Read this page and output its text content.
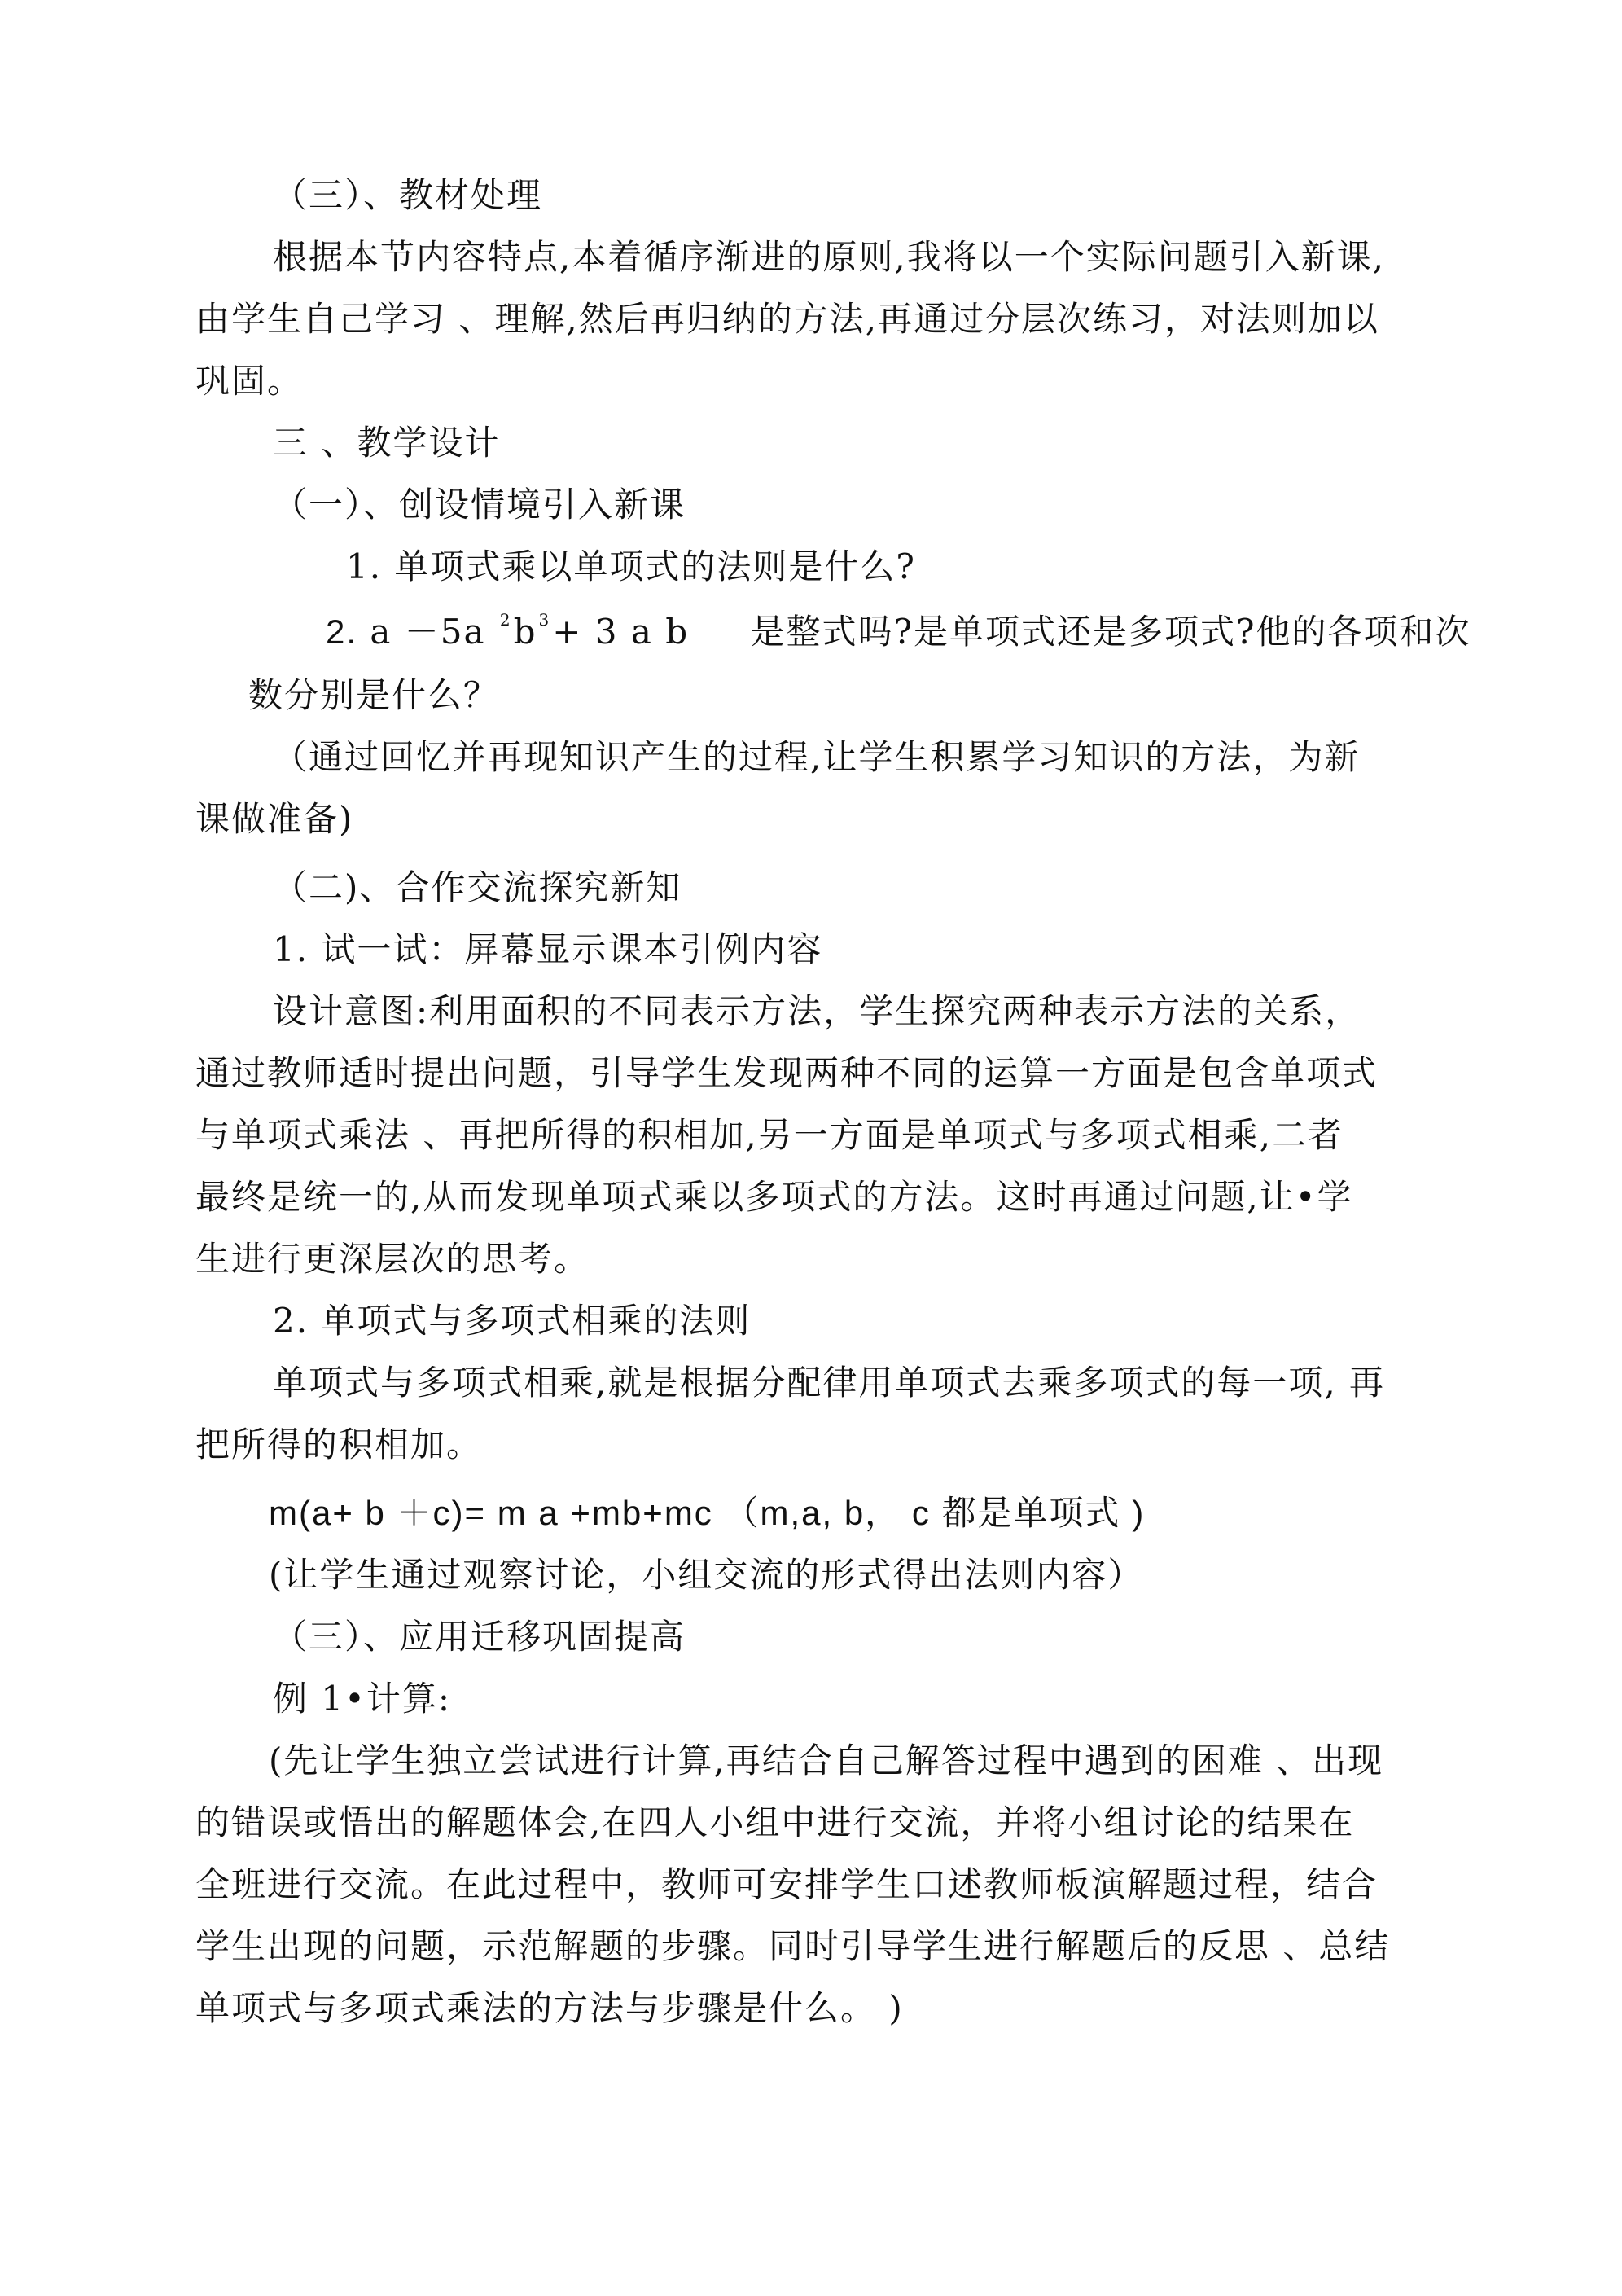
（三）、教材处理
根据本节内容特点,本着循序渐进的原则,我将以一个实际问题引入新课,
由学生自己学习 、理解,然后再归纳的方法,再通过分层次练习，对法则加以
巩固。
三 、教学设计
（一）、创设情境引入新课
1. 单项式乘以单项式的法则是什么?
2. a －5a $^2$b $^3$+ 3 a b 是整式吗?是单项式还是多项式?他的各项和次
数分别是什么？
（通过回忆并再现知识产生的过程,让学生积累学习知识的方法，为新
课做准备)
（二)、合作交流探究新知
1. 试一试：屏幕显示课本引例内容
设计意图:利用面积的不同表示方法，学生探究两种表示方法的关系，
通过教师适时提出问题，引导学生发现两种不同的运算一方面是包含单项式
与单项式乘法 、再把所得的积相加,另一方面是单项式与多项式相乘,二者
最终是统一的,从而发现单项式乘以多项式的方法。这时再通过问题,让•学
生进行更深层次的思考。
2. 单项式与多项式相乘的法则
单项式与多项式相乘,就是根据分配律用单项式去乘多项式的每一项, 再
把所得的积相加。
m(a+ b ＋c)= m a +mb+mc （m,a, b， c 都是单项式 )
(让学生通过观察讨论，小组交流的形式得出法则内容）
（三）、应用迁移巩固提高
例 1•计算:
(先让学生独立尝试进行计算,再结合自己解答过程中遇到的困难 、出现
的错误或悟出的解题体会,在四人小组中进行交流，并将小组讨论的结果在
全班进行交流。在此过程中，教师可安排学生口述教师板演解题过程，结合
学生出现的问题，示范解题的步骤。同时引导学生进行解题后的反思 、总结
单项式与多项式乘法的方法与步骤是什么。 )
